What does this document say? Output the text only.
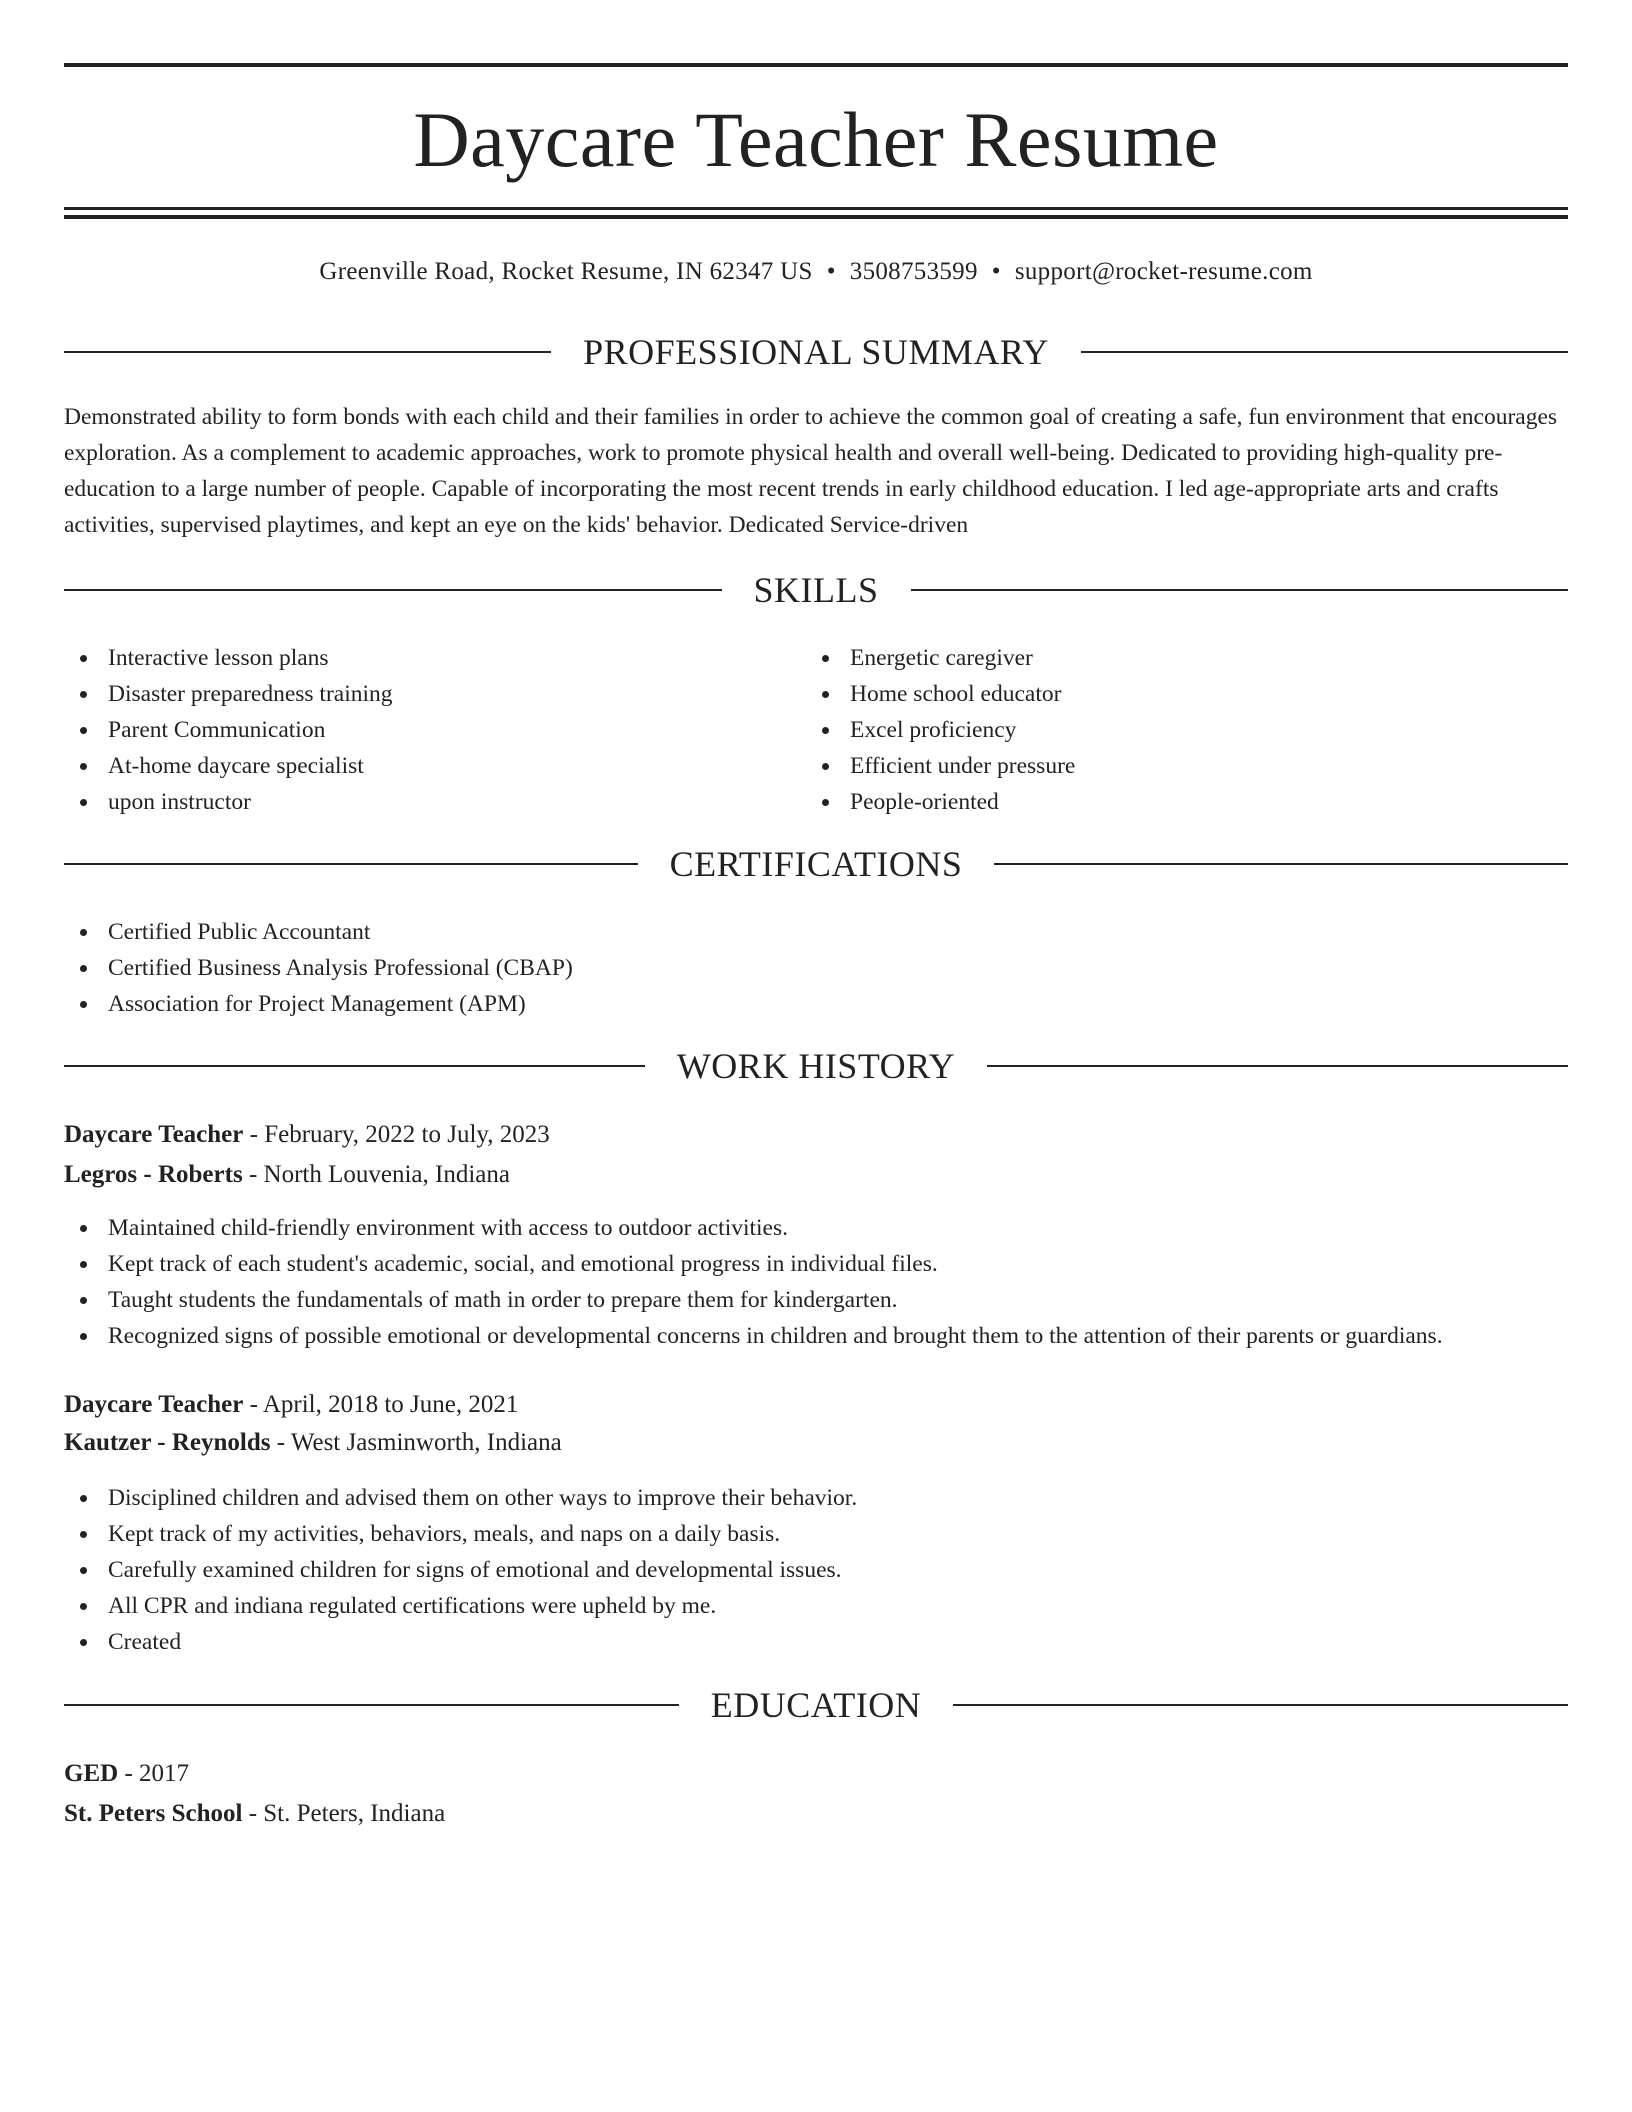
Daycare Teacher Resume
Greenville Road, Rocket Resume, IN 62347 US • 3508753599 • support@rocket-resume.com
PROFESSIONAL SUMMARY

Demonstrated ability to form bonds with each child and their families in order to achieve the common goal of creating a safe, fun environment that encourages exploration. As a complement to academic approaches, work to promote physical health and overall well-being. Dedicated to providing high-quality pre-education to a large number of people. Capable of incorporating the most recent trends in early childhood education. I led age-appropriate arts and crafts activities, supervised playtimes, and kept an eye on the kids' behavior. Dedicated Service-driven

SKILLS
Interactive lesson plans
Disaster preparedness training
Parent Communication
At-home daycare specialist
upon instructor
Energetic caregiver
Home school educator
Excel proficiency
Efficient under pressure
People-oriented
CERTIFICATIONS
Certified Public Accountant
Certified Business Analysis Professional (CBAP)
Association for Project Management (APM)
WORK HISTORY
Daycare Teacher - February, 2022 to July, 2023
Legros - Roberts - North Louvenia, Indiana
Maintained child-friendly environment with access to outdoor activities.
Kept track of each student's academic, social, and emotional progress in individual files.
Taught students the fundamentals of math in order to prepare them for kindergarten.
Recognized signs of possible emotional or developmental concerns in children and brought them to the attention of their parents or guardians.
Daycare Teacher - April, 2018 to June, 2021
Kautzer - Reynolds - West Jasminworth, Indiana
Disciplined children and advised them on other ways to improve their behavior.
Kept track of my activities, behaviors, meals, and naps on a daily basis.
Carefully examined children for signs of emotional and developmental issues.
All CPR and indiana regulated certifications were upheld by me.
Created
EDUCATION
GED - 2017
St. Peters School - St. Peters, Indiana
